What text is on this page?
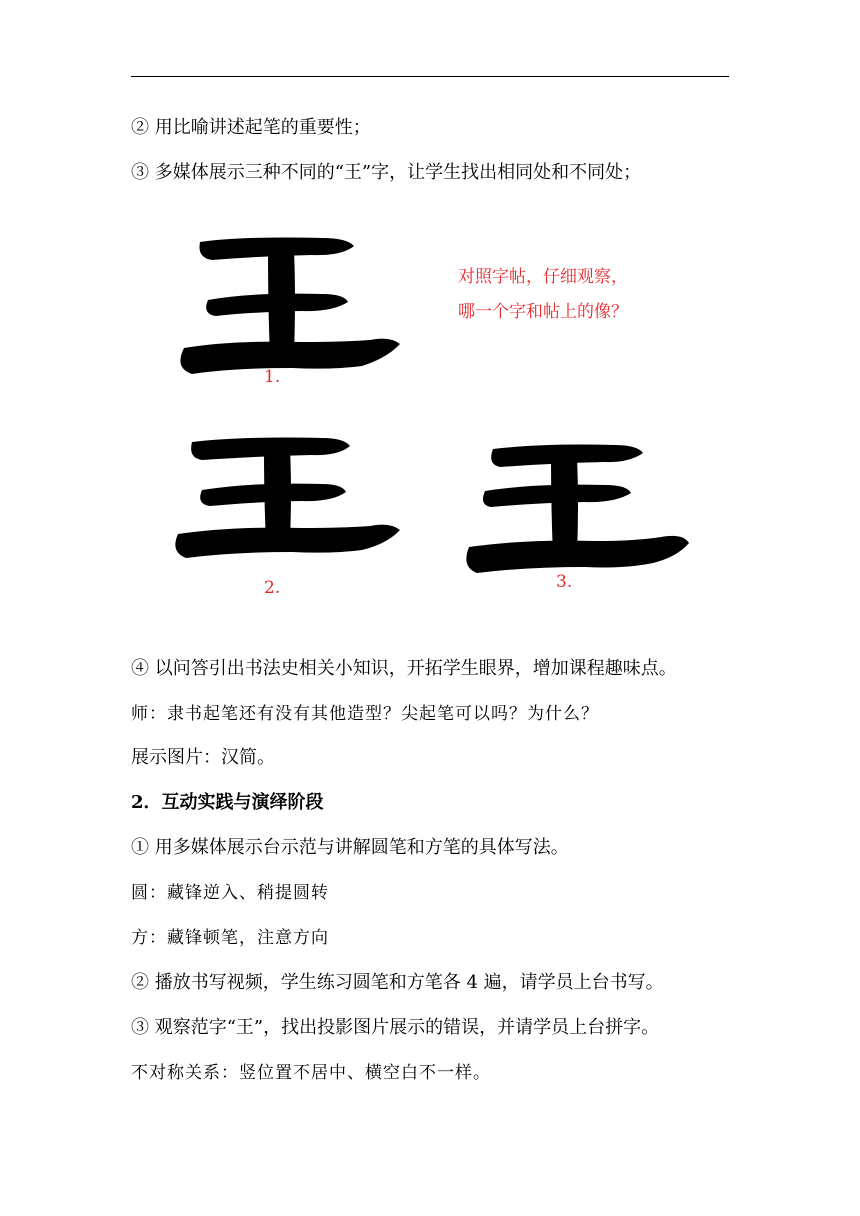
② 用比喻讲述起笔的重要性；
③ 多媒体展示三种不同的“王”字，让学生找出相同处和不同处；
1.
对照字帖，仔细观察，
哪一个字和帖上的像？
2.	3.
④ 以问答引出书法史相关小知识，开拓学生眼界，增加课程趣味点。
师：隶书起笔还有没有其他造型？尖起笔可以吗？为什么？
展示图片：汉简。
2．互动实践与演绎阶段
① 用多媒体展示台示范与讲解圆笔和方笔的具体写法。
圆：藏锋逆入、稍提圆转
方：藏锋顿笔，注意方向
② 播放书写视频，学生练习圆笔和方笔各 4 遍，请学员上台书写。
③ 观察范字“王”，找出投影图片展示的错误，并请学员上台拼字。
不对称关系：竖位置不居中、横空白不一样。
